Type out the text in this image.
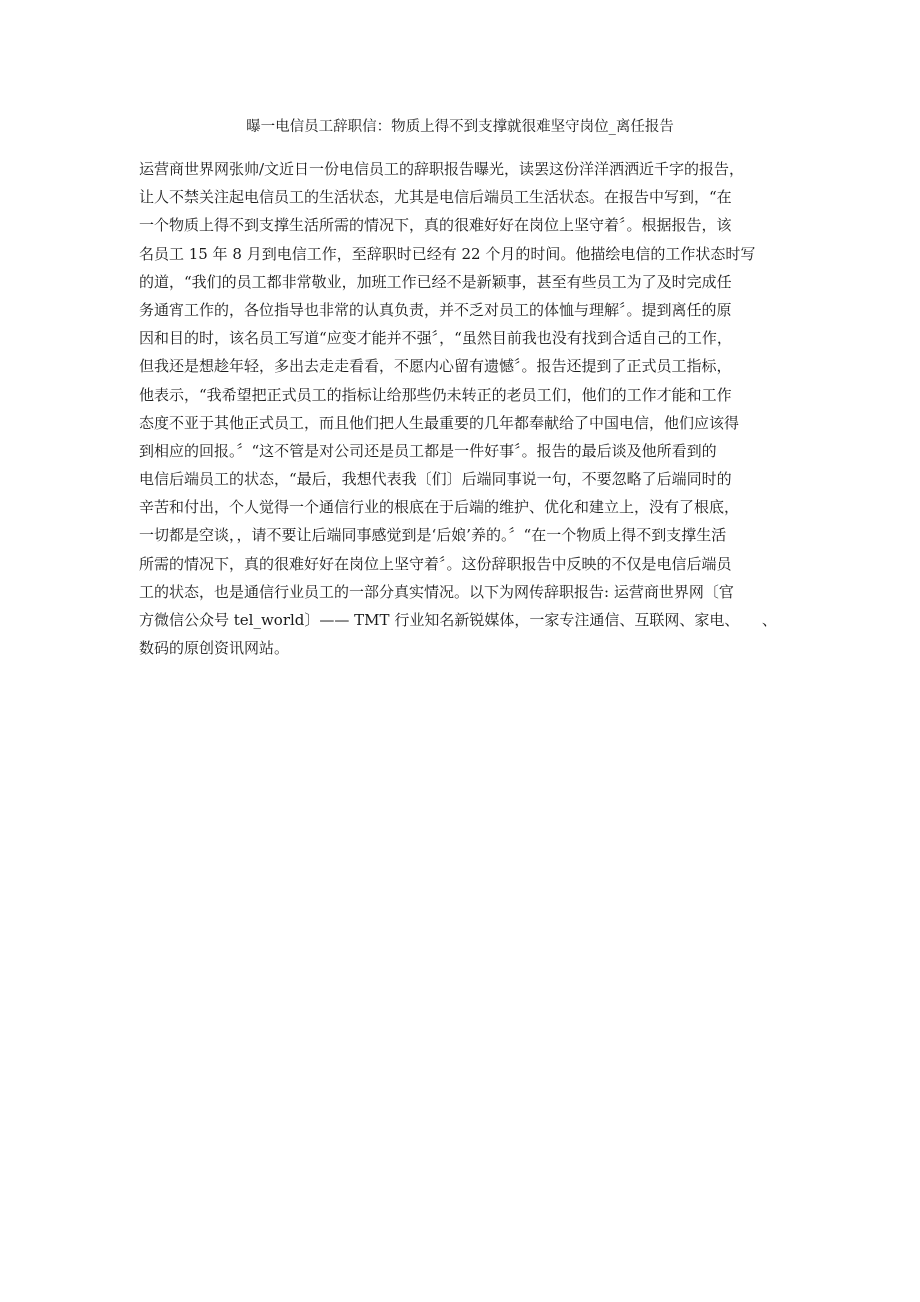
曝一电信员工辞职信：物质上得不到支撑就很难坚守岗位_离任报告
运营商世界网张帅/文近日一份电信员工的辞职报告曝光，读罢这份洋洋洒洒近千字的报告，
让人不禁关注起电信员工的生活状态，尤其是电信后端员工生活状态。在报告中写到，“在
一个物质上得不到支撑生活所需的情况下，真的很难好好在岗位上坚守着〞。根据报告，该
名员工 15 年 8 月到电信工作，至辞职时已经有 22 个月的时间。他描绘电信的工作状态时写
的道，“我们的员工都非常敬业，加班工作已经不是新颖事，甚至有些员工为了及时完成任
务通宵工作的，各位指导也非常的认真负责，并不乏对员工的体恤与理解〞。提到离任的原
因和目的时，该名员工写道“应变才能并不强〞，“虽然目前我也没有找到合适自己的工作，
但我还是想趁年轻，多出去走走看看，不愿内心留有遗憾〞。报告还提到了正式员工指标，
他表示，“我希望把正式员工的指标让给那些仍未转正的老员工们，他们的工作才能和工作
态度不亚于其他正式员工，而且他们把人生最重要的几年都奉献给了中国电信，他们应该得
到相应的回报。〞“这不管是对公司还是员工都是一件好事〞。报告的最后谈及他所看到的
电信后端员工的状态，“最后，我想代表我〔们〕后端同事说一句，不要忽略了后端同时的
辛苦和付出，个人觉得一个通信行业的根底在于后端的维护、优化和建立上，没有了根底，
一切都是空谈，，请不要让后端同事感觉到是‘后娘’养的。〞“在一个物质上得不到支撑生活
所需的情况下，真的很难好好在岗位上坚守着〞。这份辞职报告中反映的不仅是电信后端员
工的状态，也是通信行业员工的一部分真实情况。以下为网传辞职报告: 运营商世界网〔官
方微信公众号 tel_world〕—— TMT 行业知名新锐媒体，一家专注通信、互联网、家电、　　、
数码的原创资讯网站。
